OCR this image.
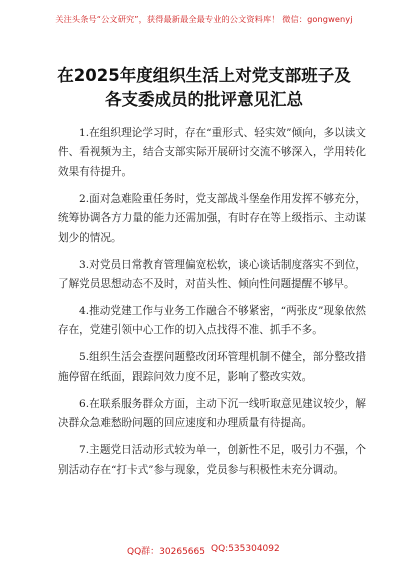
关注头条号“公文研究”，获得最新最全最专业的公文资料库！ 微信：gongwenyj
在2025年度组织生活上对党支部班子及
各支委成员的批评意见汇总

1.在组织理论学习时，存在“重形式、轻实效”倾向，多以读文件、看视频为主，结合支部实际开展研讨交流不够深入，学用转化效果有待提升。

2.面对急难险重任务时，党支部战斗堡垒作用发挥不够充分，统筹协调各方力量的能力还需加强，有时存在等上级指示、主动谋划少的情况。

3.对党员日常教育管理偏宽松软，谈心谈话制度落实不到位，了解党员思想动态不及时，对苗头性、倾向性问题提醒不够早。

4.推动党建工作与业务工作融合不够紧密，“两张皮”现象依然存在，党建引领中心工作的切入点找得不准、抓手不多。

5.组织生活会查摆问题整改闭环管理机制不健全，部分整改措施停留在纸面，跟踪问效力度不足，影响了整改实效。

6.在联系服务群众方面，主动下沉一线听取意见建议较少，解决群众急难愁盼问题的回应速度和办理质量有待提高。

7.主题党日活动形式较为单一，创新性不足，吸引力不强，个别活动存在“打卡式”参与现象，党员参与积极性未充分调动。

QQ群：30265665 QQ:535304092
